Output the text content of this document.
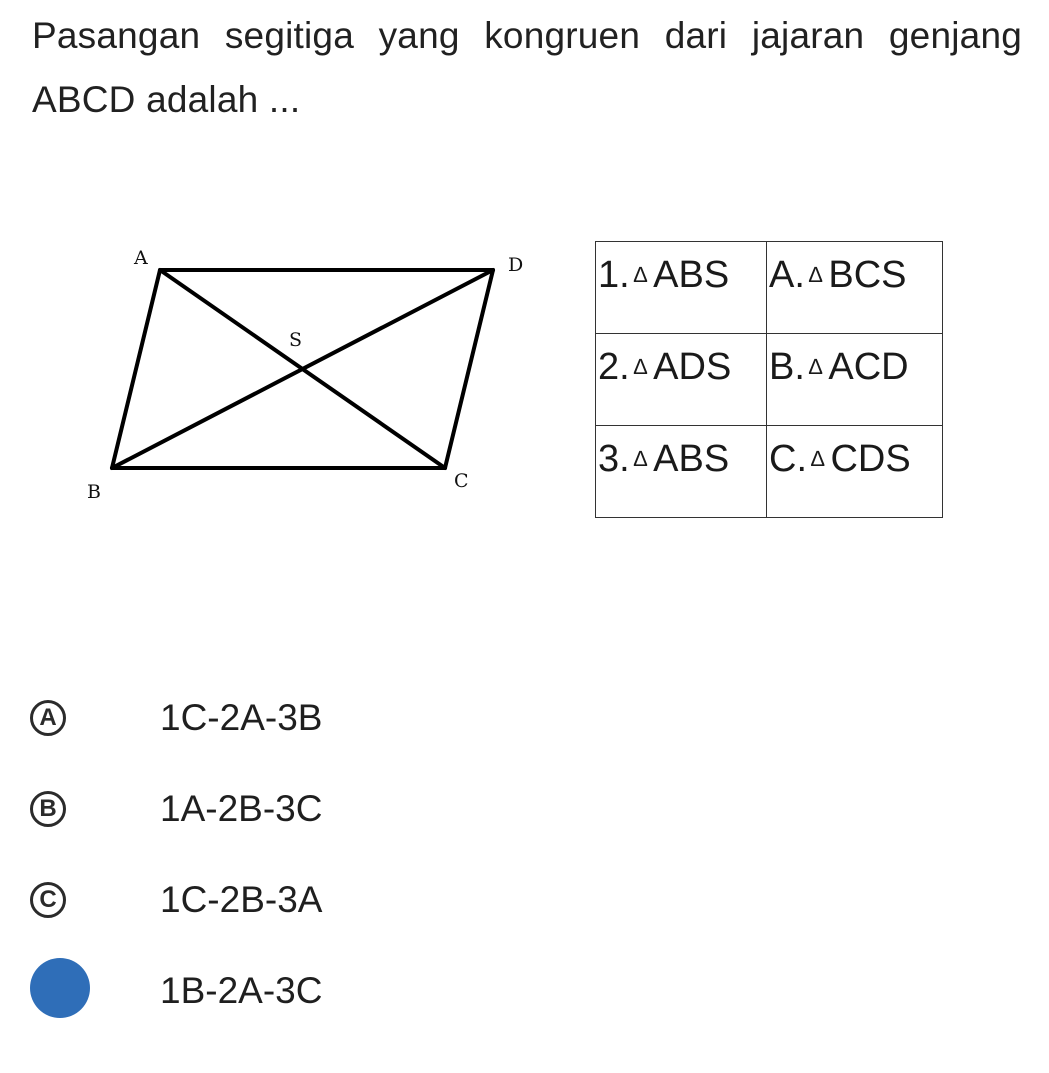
Pasangan segitiga yang kongruen dari jajaran genjang ABCD adalah ...
A	D
S
B	C
1. ∆ ABS	A. ∆ BCS

2. ∆ ADS	B. ∆ ACD

3. ∆ ABS	C. ∆ CDS
A	1C-2A-3B
B	1A-2B-3C
C	1C-2B-3A
1B-2A-3C
